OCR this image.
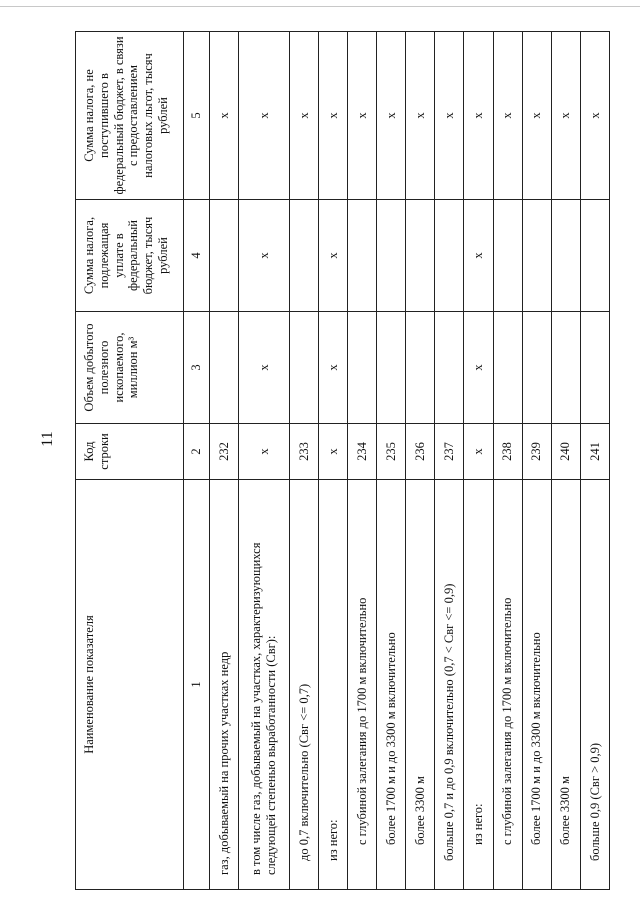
11
Наименование показателя	Код строки	Объем добытого полезного ископаемого, миллион м³	Сумма налога, подлежащая уплате в федеральный бюджет, тысяч рублей	Сумма налога, не поступившего в федеральный бюджет, в связи с предоставлением налоговых льгот, тысяч рублей
1	2	3	4	5
газ, добываемый на прочих участках недр	232			x
в том числе газ, добываемый на участках, характеризующихся следующей степенью выработанности (Свг):	x	x	x	x
до 0,7 включительно (Свг <= 0,7)	233			x
из него:	x	x	x	x
с глубиной залегания до 1700 м включительно	234			x
более 1700 м и до 3300 м включительно	235			x
более 3300 м	236			x
больше 0,7 и до 0,9 включительно (0,7 < Свг <= 0,9)	237			x
из него:	x	x	x	x
с глубиной залегания до 1700 м включительно	238			x
более 1700 м и до 3300 м включительно	239			x
более 3300 м	240			x
больше 0,9 (Свг > 0,9)	241			x
